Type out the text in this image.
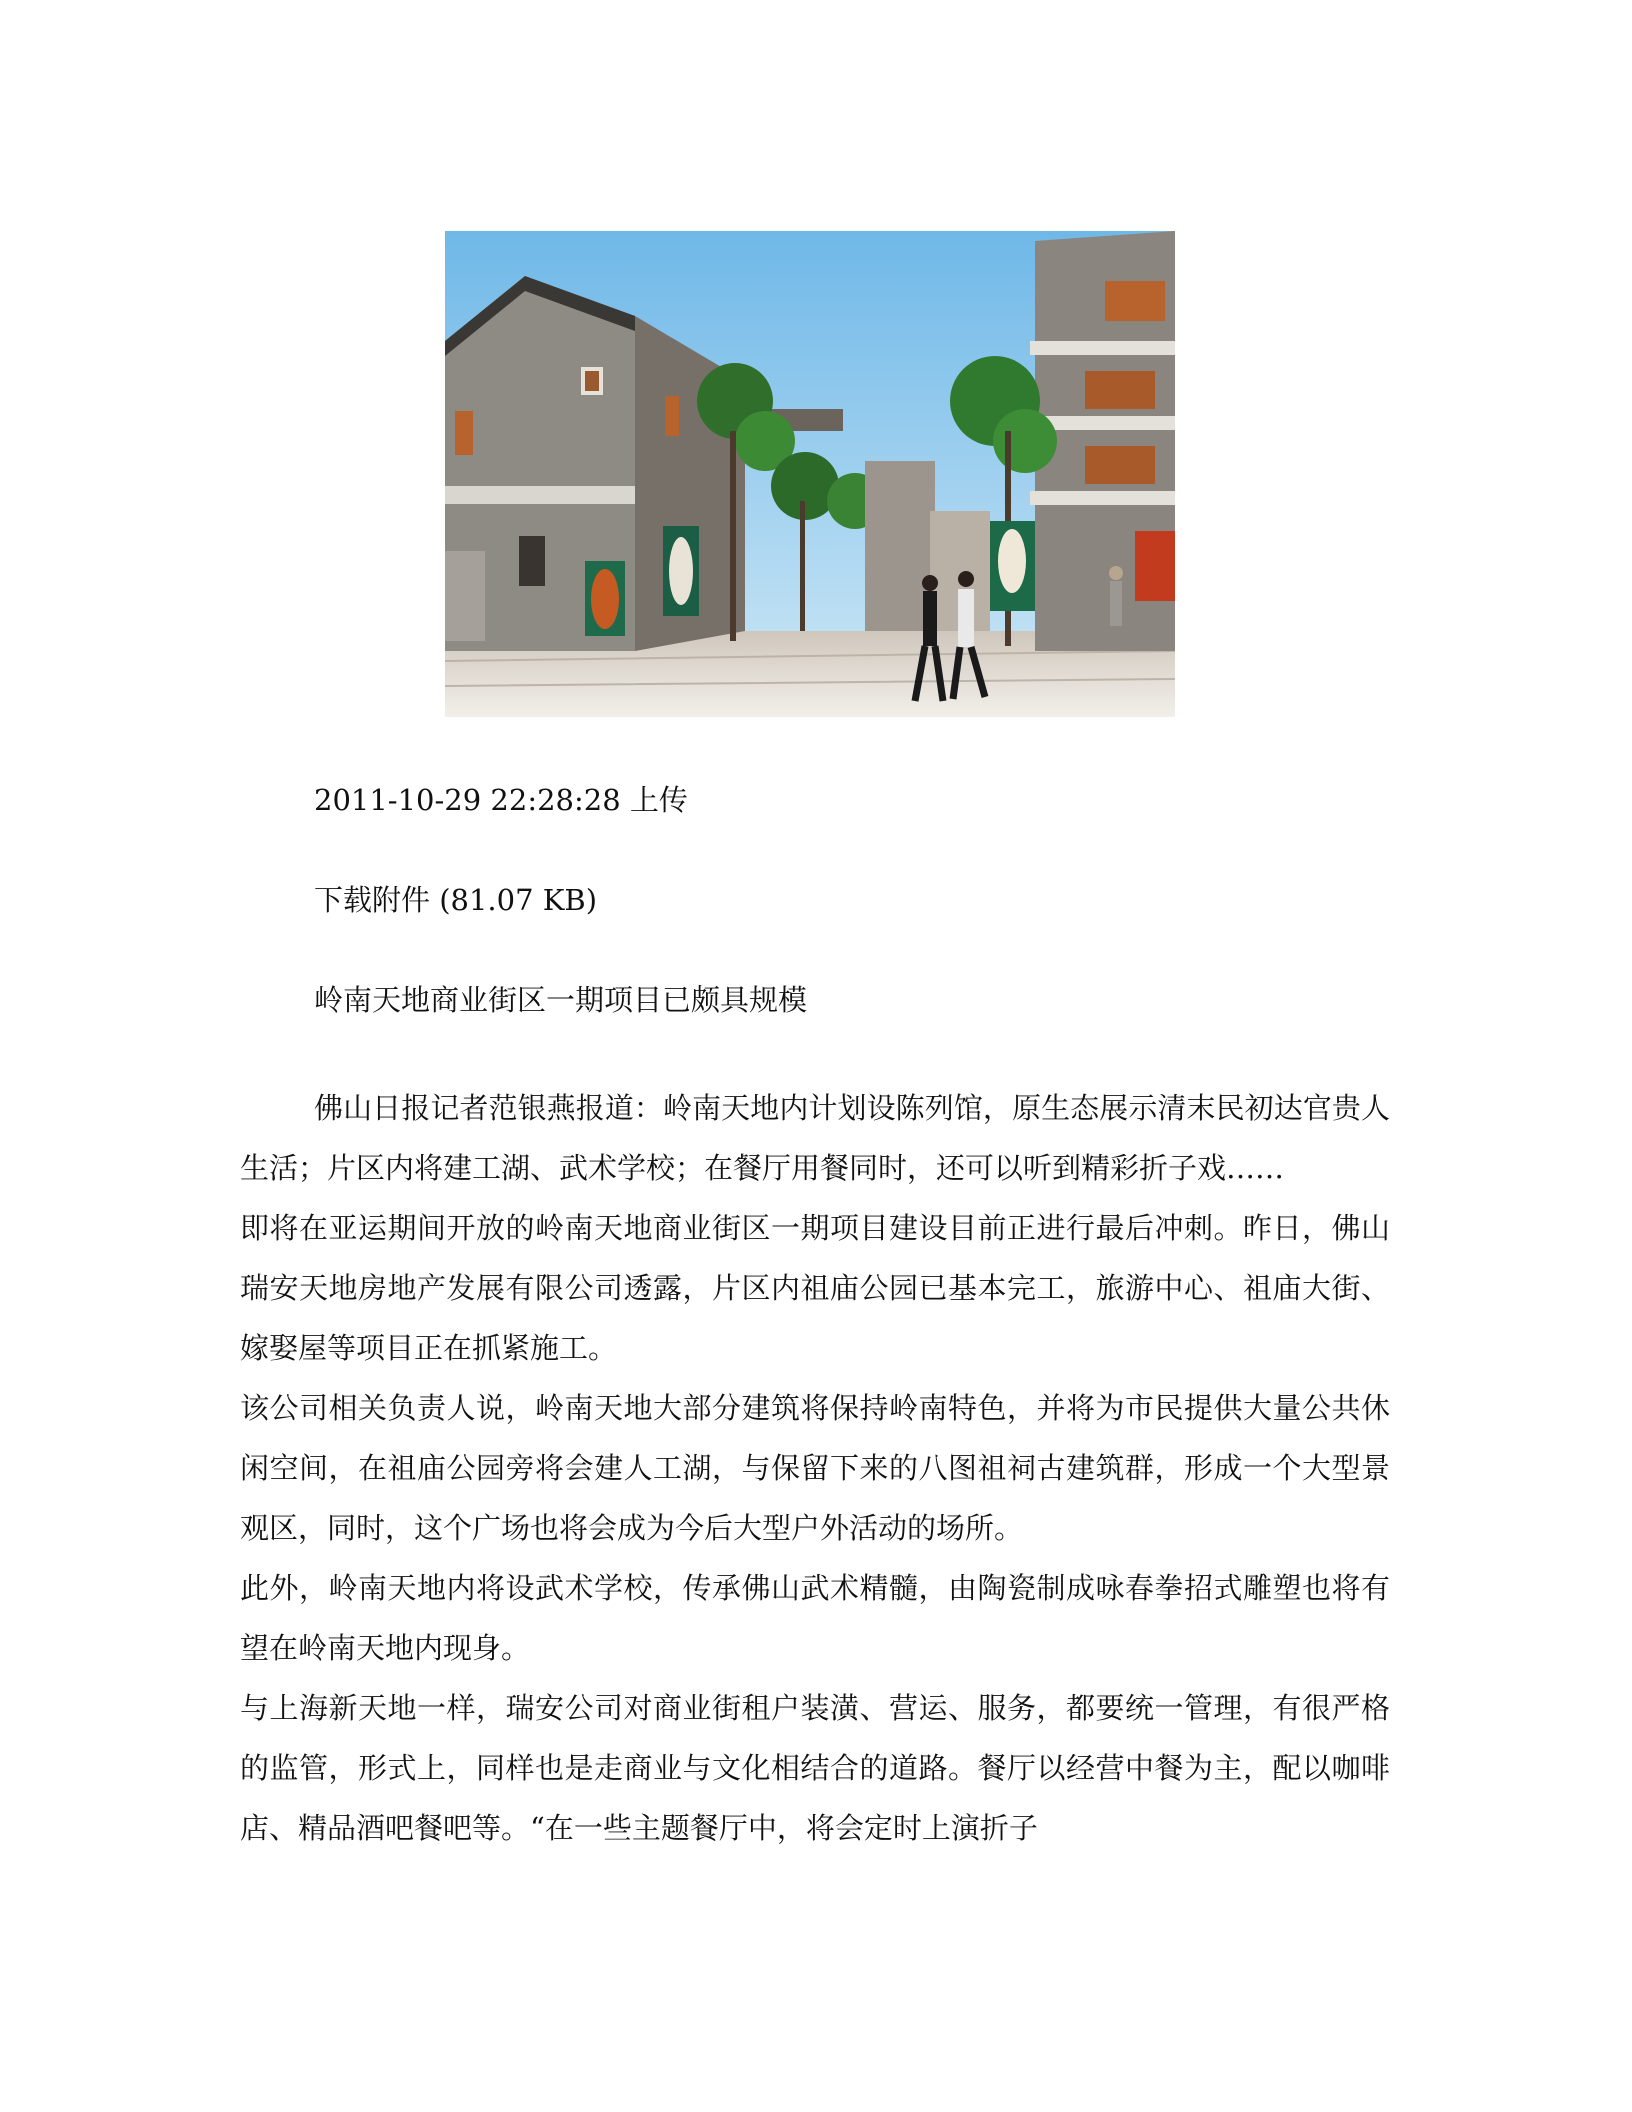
2011-10-29 22:28:28 上传
下载附件 (81.07 KB)
岭南天地商业街区一期项目已颇具规模

佛山日报记者范银燕报道：岭南天地内计划设陈列馆，原生态展示清末民初达官贵人生活；片区内将建工湖、武术学校；在餐厅用餐同时，还可以听到精彩折子戏……

即将在亚运期间开放的岭南天地商业街区一期项目建设目前正进行最后冲刺。昨日，佛山瑞安天地房地产发展有限公司透露，片区内祖庙公园已基本完工，旅游中心、祖庙大街、嫁娶屋等项目正在抓紧施工。

该公司相关负责人说，岭南天地大部分建筑将保持岭南特色，并将为市民提供大量公共休闲空间，在祖庙公园旁将会建人工湖，与保留下来的八图祖祠古建筑群，形成一个大型景观区，同时，这个广场也将会成为今后大型户外活动的场所。

此外，岭南天地内将设武术学校，传承佛山武术精髓，由陶瓷制成咏春拳招式雕塑也将有望在岭南天地内现身。

与上海新天地一样，瑞安公司对商业街租户装潢、营运、服务，都要统一管理，有很严格的监管，形式上，同样也是走商业与文化相结合的道路。餐厅以经营中餐为主，配以咖啡店、精品酒吧餐吧等。“在一些主题餐厅中，将会定时上演折子
